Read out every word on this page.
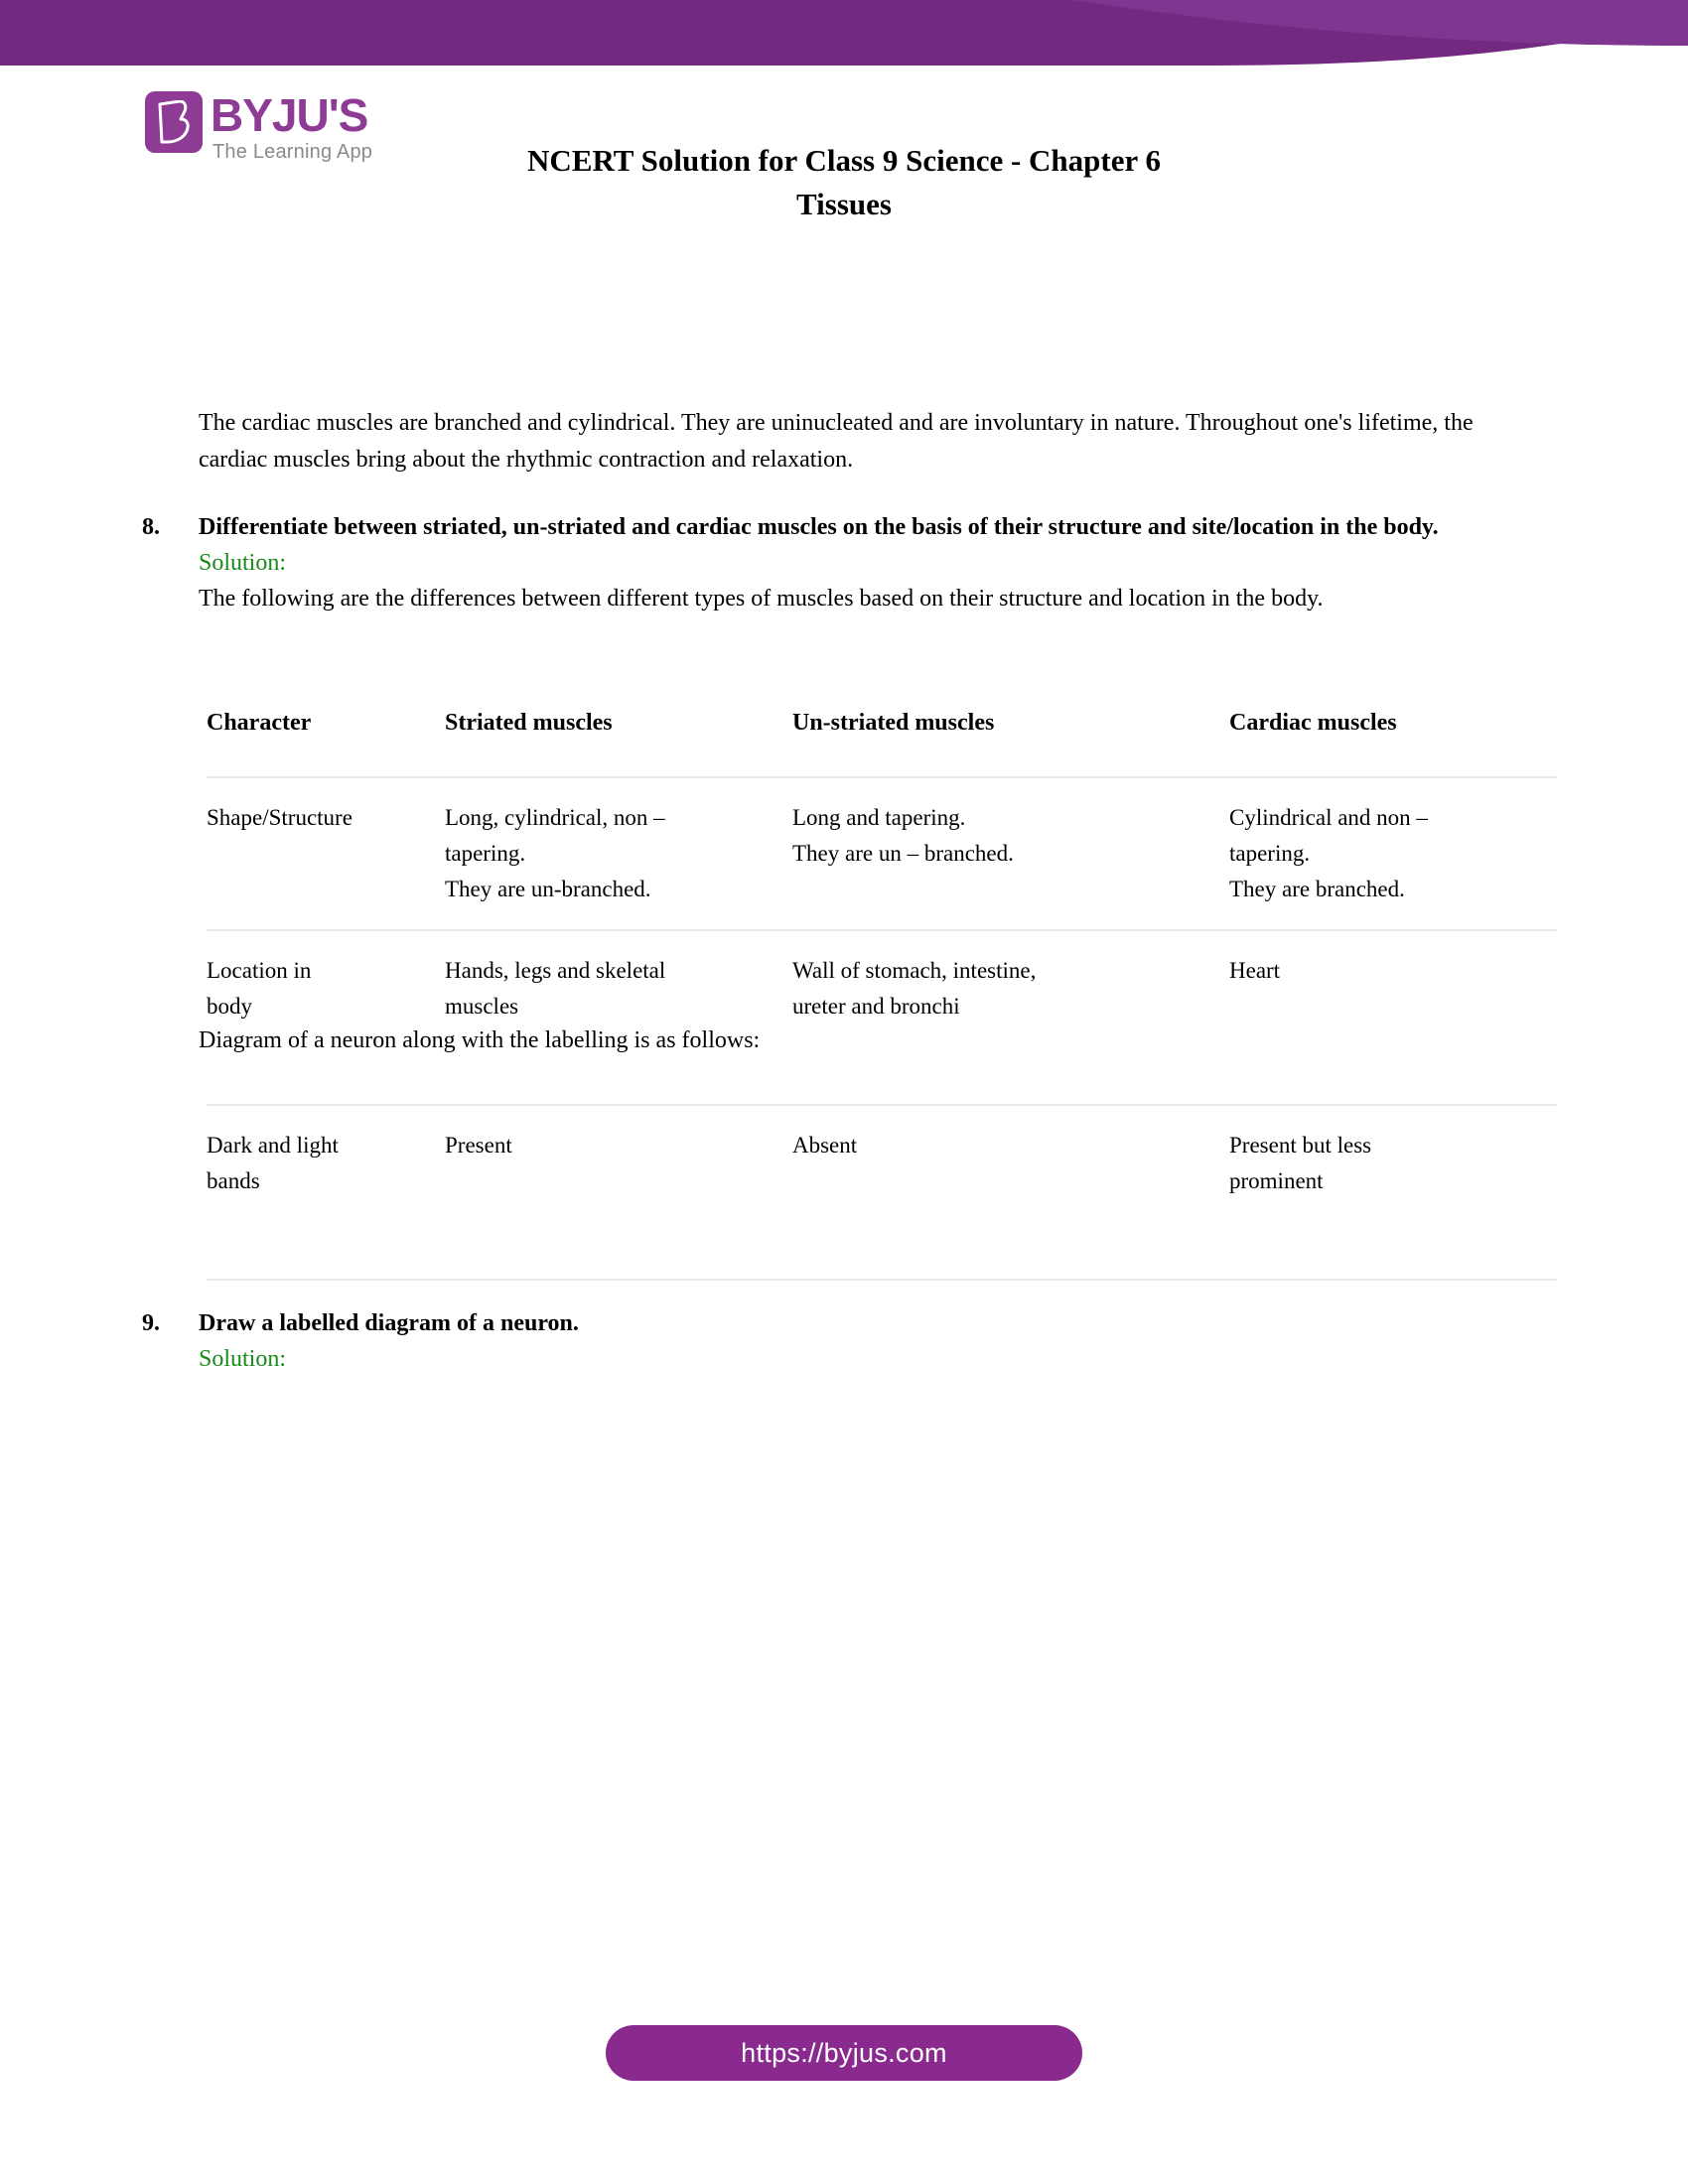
BYJU'S
The Learning App	NCERT Solution for Class 9 Science - Chapter 6
Tissues
The cardiac muscles are branched and cylindrical. They are uninucleated and are involuntary in nature. Throughout one's lifetime, the cardiac muscles bring about the rhythmic contraction and relaxation.
8.	Differentiate between striated, un-striated and cardiac muscles on the basis of their structure and site/location in the body.
Solution:
The following are the differences between different types of muscles based on their structure and location in the body.
Character	Striated muscles	Un-striated muscles	Cardiac muscles

Shape/Structure	Long, cylindrical, non –
tapering.
They are un-branched.	Long and tapering.
They are un – branched.	Cylindrical and non –
tapering.
They are branched.

Location in
body	Hands, legs and skeletal
muscles	Wall of stomach, intestine,
ureter and bronchi	Heart

Dark and light
bands	Present	Absent	Present but less
prominent
9.	Draw a labelled diagram of a neuron.
Solution:
Diagram of a neuron along with the labelling is as follows:
https://byjus.com
